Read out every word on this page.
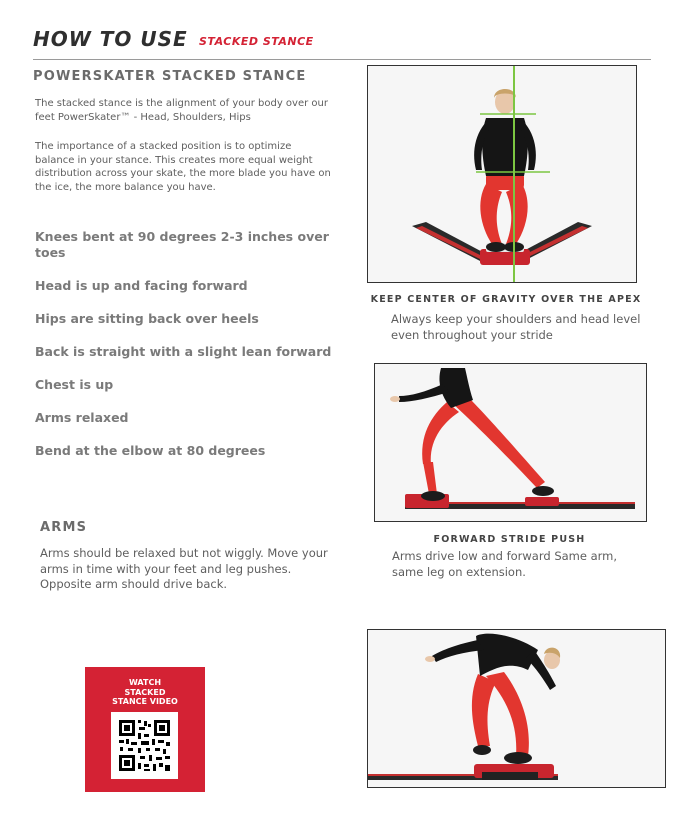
HOW TO USE STACKED STANCE
POWERSKATER STACKED STANCE

The stacked stance is the alignment of your body over our feet PowerSkater™ - Head, Shoulders, Hips

The importance of a stacked position is to optimize balance in your stance. This creates more equal weight distribution across your skate, the more blade you have on the ice, the more balance you have.

Knees bent at 90 degrees 2-3 inches over toes
Head is up and facing forward
Hips are sitting back over heels
Back is straight with a slight lean forward
Chest is up
Arms relaxed
Bend at the elbow at 80 degrees
ARMS

Arms should be relaxed but not wiggly. Move your arms in time with your feet and leg pushes. Opposite arm should drive back.

WATCH
STACKED
STANCE VIDEO

KEEP CENTER OF GRAVITY OVER THE APEX

Always keep your shoulders and head level even throughout your stride

FORWARD STRIDE PUSH

Arms drive low and forward Same arm, same leg on extension.
